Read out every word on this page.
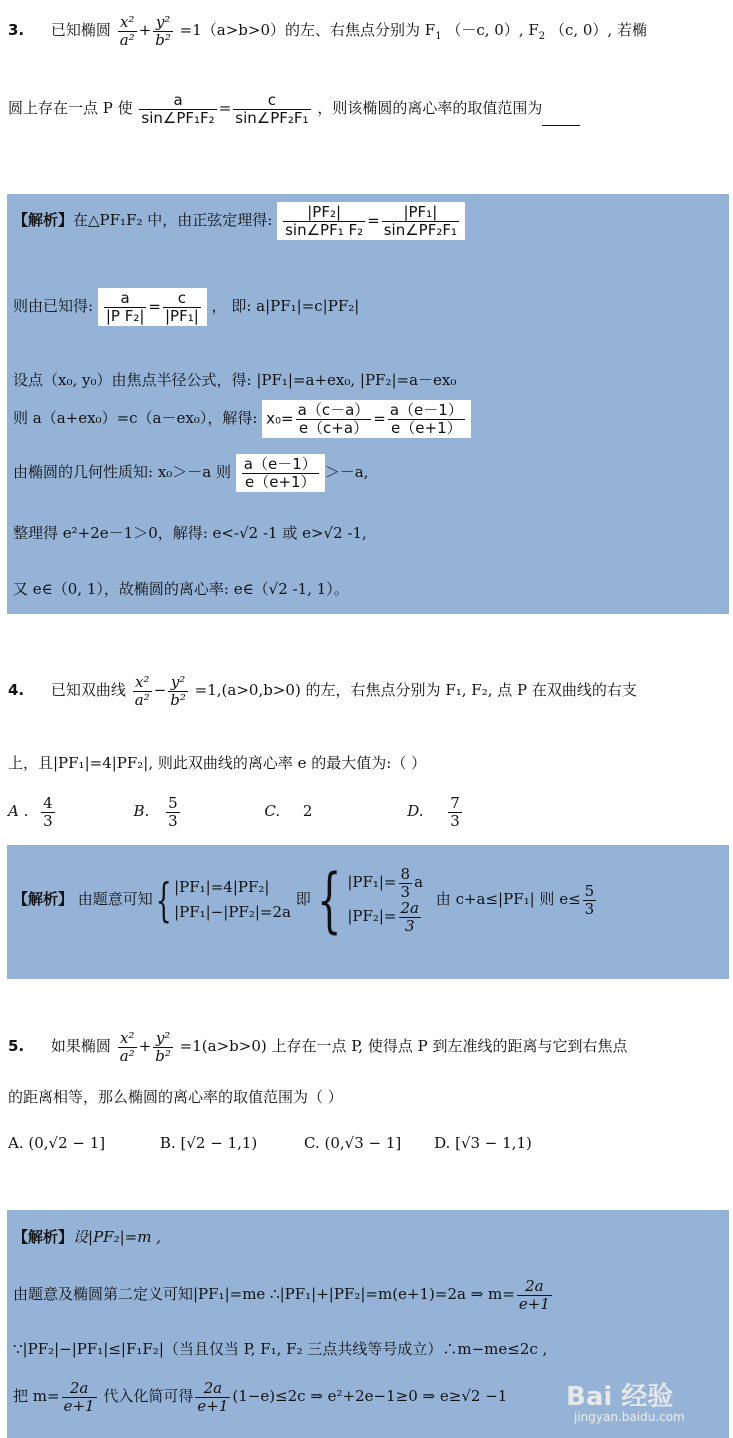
3. 已知椭圆 $\frac{\text{x²}}{\text{a²}} + \frac{\text{y²}}{\text{b²}} =1(a>b>0)$的左、右焦点分别为 $F_1$ （－c, 0）, $F_2$ （c, 0）, 若椭
圆上存在一点 P 使 $\frac{a}{\text{sin∠PF₁F₂}} = \frac{c}{\text{sin∠PF₂F₁}}$ ，则该椭圆的离心率的取值范围为
【解析】在△PF₁F₂ 中，由正弦定理得: $\frac{\text{|PF₂|}}{\text{sin∠PF₁ F₂}} = \frac{\text{|PF₁|}}{\text{sin∠PF₂F₁}}$
则由已知得: $\frac{a}{\text{|P F₂|}} = \frac{c}{\text{|PF₁|}}$ ， 即: a|PF₁|=c|PF₂|
设点（x₀, y₀）由焦点半径公式，得: |PF₁|=a+ex₀, |PF₂|=a－ex₀
则 a（a+ex₀）=c（a－ex₀），解得: $x_0= \frac{a(c-a)}{e(c+a)} = \frac{a(e-1)}{e(e+1)}$
由椭圆的几何性质知: x₀＞－a 则 $\frac{a(e-1)}{e(e+1)} >-a$,
整理得 e²+2e－1＞0，解得: e<-√2 -1 或 e>√2 -1,
又 e∈（0, 1），故椭圆的离心率: e∈（√2 -1, 1）。
4. 已知双曲线 $\frac{\text{x²}}{\text{a²}} - \frac{\text{y²}}{\text{b²}} =1,(a>0,b>0)$ 的左，右焦点分别为 F₁, F₂, 点 P 在双曲线的右支
上，且|PF₁|=4|PF₂|, 则此双曲线的离心率 e 的最大值为:（ ）
A . $\frac{4}{3}$	B. $\frac{5}{3}$	C. 2	D. $\frac{7}{3}$
【解析】 由题意可知{ |PF₁|=4|PF₂|
|PF₁|−|PF₂|=2a 即{ $|PF_1|= \frac{8}{3}$ a
$|PF_2|= \frac{2a}{3}$
由 c+a≤|PF₁| 则 $e\le \frac{5}{3}$
5. 如果椭圆 $\frac{\text{x²}}{\text{a²}} + \frac{\text{y²}}{\text{b²}} =1(a>b>0)$ 上存在一点 P, 使得点 P 到左准线的距离与它到右焦点
的距离相等，那么椭圆的离心率的取值范围为（ ）
A. (0,√2 − 1]	B. [√2 − 1,1)	C. (0,√3 − 1] D. [√3 − 1,1)
【解析】设|PF₂|=m ,
由题意及椭圆第二定义可知|PF₁|=me ∴|PF₁|+|PF₂|=m(e+1)=2a ⇒ $m= \frac{2a}{e+1}$
∵|PF₂|−|PF₁|≤|F₁F₂|（当且仅当 P, F₁, F₂ 三点共线等号成立）∴m−me≤2c ,
把 $m= \frac{2a}{e+1}$ 代入化简可得 $\frac{2a}{e+1} (1-e)\le 2c$ ⇒ e²+2e−1≥0 ⇒ e≥√2 −1 Bai 经验
jingyan.baidu.com
